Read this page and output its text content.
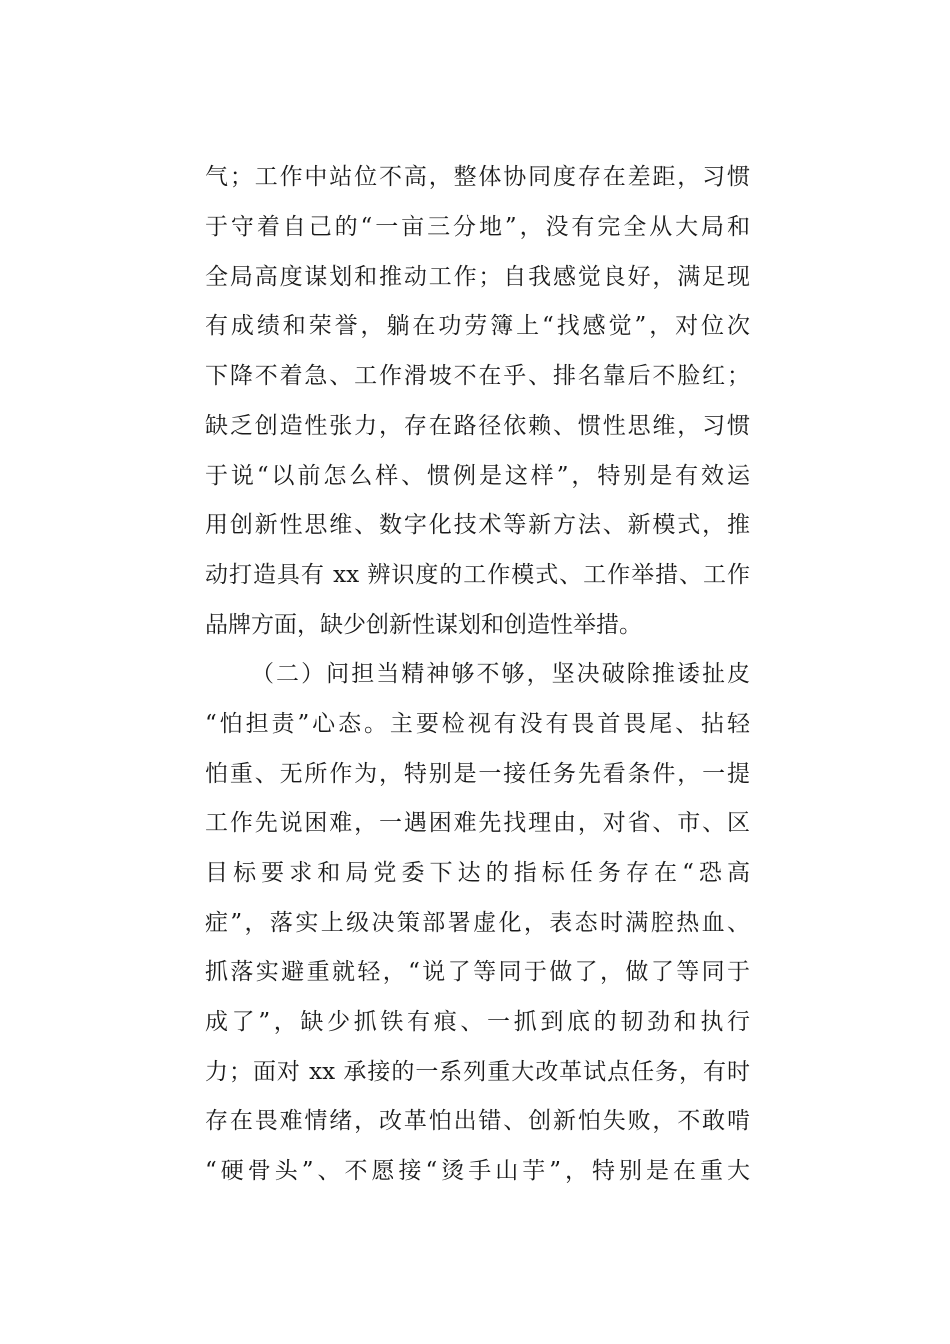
气；工作中站位不高，整体协同度存在差距，习惯
于守着自己的“一亩三分地”，没有完全从大局和
全局高度谋划和推动工作；自我感觉良好，满足现
有成绩和荣誉，躺在功劳簿上“找感觉”，对位次
下降不着急、工作滑坡不在乎、排名靠后不脸红；
缺乏创造性张力，存在路径依赖、惯性思维，习惯
于说“以前怎么样、惯例是这样”，特别是有效运
用创新性思维、数字化技术等新方法、新模式，推
动打造具有 xx 辨识度的工作模式、工作举措、工作
品牌方面，缺少创新性谋划和创造性举措。
（二）问担当精神够不够，坚决破除推诿扯皮
“怕担责”心态。主要检视有没有畏首畏尾、拈轻
怕重、无所作为，特别是一接任务先看条件，一提
工作先说困难，一遇困难先找理由，对省、市、区
目标要求和局党委下达的指标任务存在“恐高
症”，落实上级决策部署虚化，表态时满腔热血、
抓落实避重就轻，“说了等同于做了，做了等同于
成了”，缺少抓铁有痕、一抓到底的韧劲和执行
力；面对 xx 承接的一系列重大改革试点任务，有时
存在畏难情绪，改革怕出错、创新怕失败，不敢啃
“硬骨头”、不愿接“烫手山芋”，特别是在重大
